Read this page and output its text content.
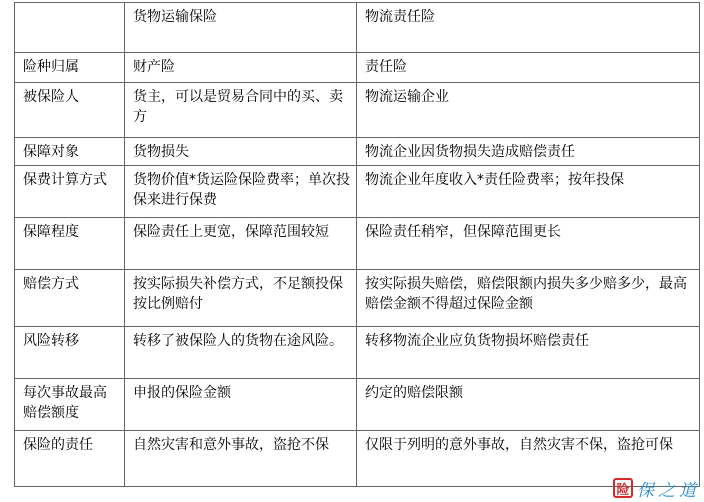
	货物运输保险	物流责任险
险种归属	财产险	责任险
被保险人	货主，可以是贸易合同中的买、卖方	物流运输企业
保障对象	货物损失	物流企业因货物损失造成赔偿责任
保费计算方式	货物价值*货运险保险费率；单次投保来进行保费	物流企业年度收入*责任险费率；按年投保
保障程度	保险责任上更宽，保障范围较短	保险责任稍窄，但保障范围更长
赔偿方式	按实际损失补偿方式，不足额投保按比例赔付	按实际损失赔偿，赔偿限额内损失多少赔多少，最高赔偿金额不得超过保险金额
风险转移	转移了被保险人的货物在途风险。	转移物流企业应负货物损坏赔偿责任
每次事故最高赔偿额度	申报的保险金额	约定的赔偿限额
保险的责任	自然灾害和意外事故，盗抢不保	仅限于列明的意外事故，自然灾害不保，盗抢可保
险 保之道
